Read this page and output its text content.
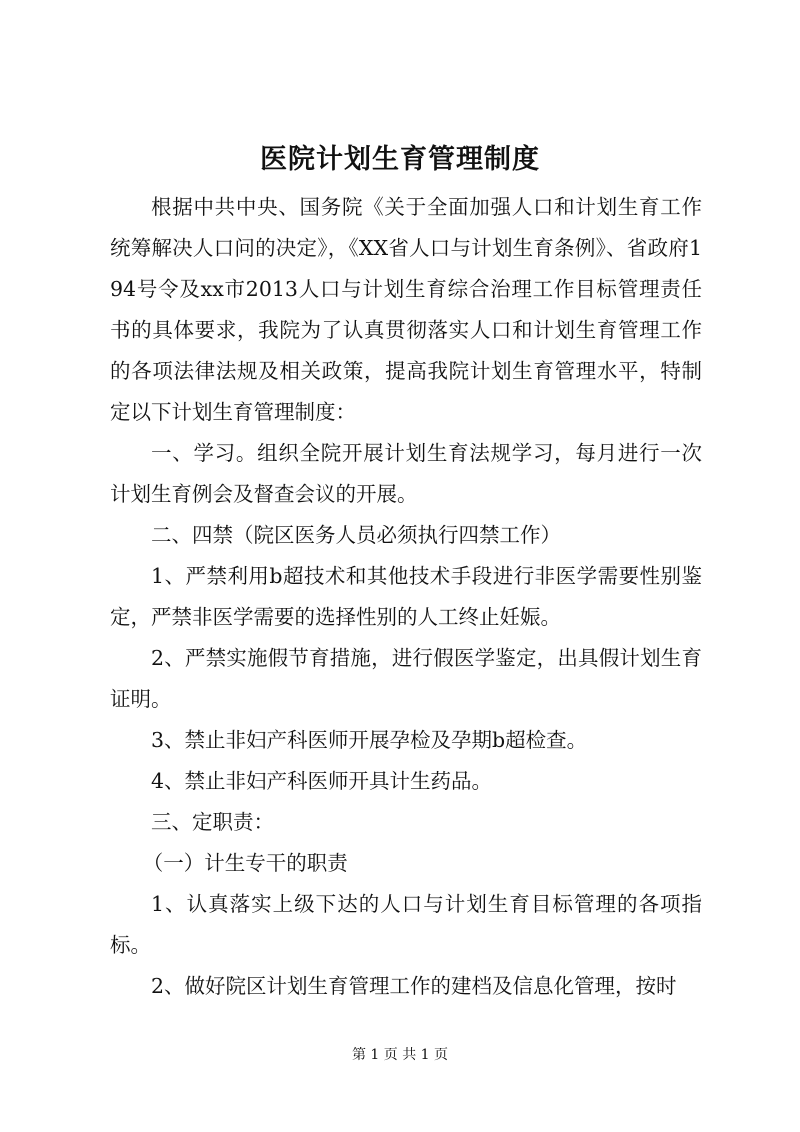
医院计划生育管理制度

根据中共中央、国务院《关于全面加强人口和计划生育工作统筹解决人口问的决定》，《XX省人口与计划生育条例》、省政府194号令及xx市2013人口与计划生育综合治理工作目标管理责任书的具体要求，我院为了认真贯彻落实人口和计划生育管理工作的各项法律法规及相关政策，提高我院计划生育管理水平，特制定以下计划生育管理制度：

一、学习。组织全院开展计划生育法规学习，每月进行一次计划生育例会及督查会议的开展。

二、四禁（院区医务人员必须执行四禁工作）

1、严禁利用b超技术和其他技术手段进行非医学需要性别鉴定，严禁非医学需要的选择性别的人工终止妊娠。

2、严禁实施假节育措施，进行假医学鉴定，出具假计划生育证明。

3、禁止非妇产科医师开展孕检及孕期b超检查。

4、禁止非妇产科医师开具计生药品。

三、定职责：

（一）计生专干的职责

1、认真落实上级下达的人口与计划生育目标管理的各项指标。

2、做好院区计划生育管理工作的建档及信息化管理，按时

第 1 页 共 1 页
